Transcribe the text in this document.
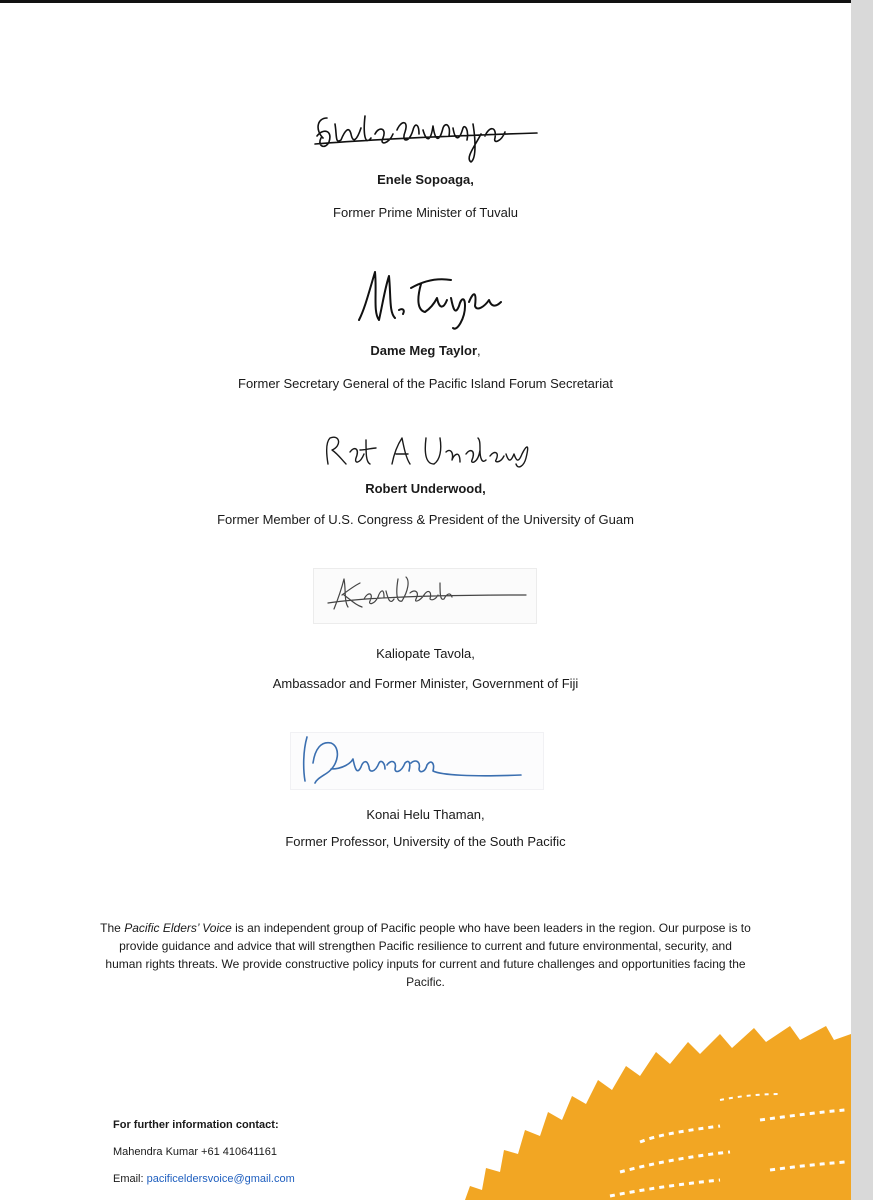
Enele Sopoaga,
Former Prime Minister of Tuvalu
Dame Meg Taylor,
Former Secretary General of the Pacific Island Forum Secretariat
Robert Underwood,
Former Member of U.S. Congress & President of the University of Guam
Kaliopate Tavola,
Ambassador and Former Minister, Government of Fiji
Konai Helu Thaman,
Former Professor, University of the South Pacific
The Pacific Elders’ Voice is an independent group of Pacific people who have been leaders in the region. Our purpose is to provide guidance and advice that will strengthen Pacific resilience to current and future environmental, security, and human rights threats. We provide constructive policy inputs for current and future challenges and opportunities facing the Pacific.
For further information contact:
Mahendra Kumar +61 410641161
Email: pacificeldersvoice@gmail.com
